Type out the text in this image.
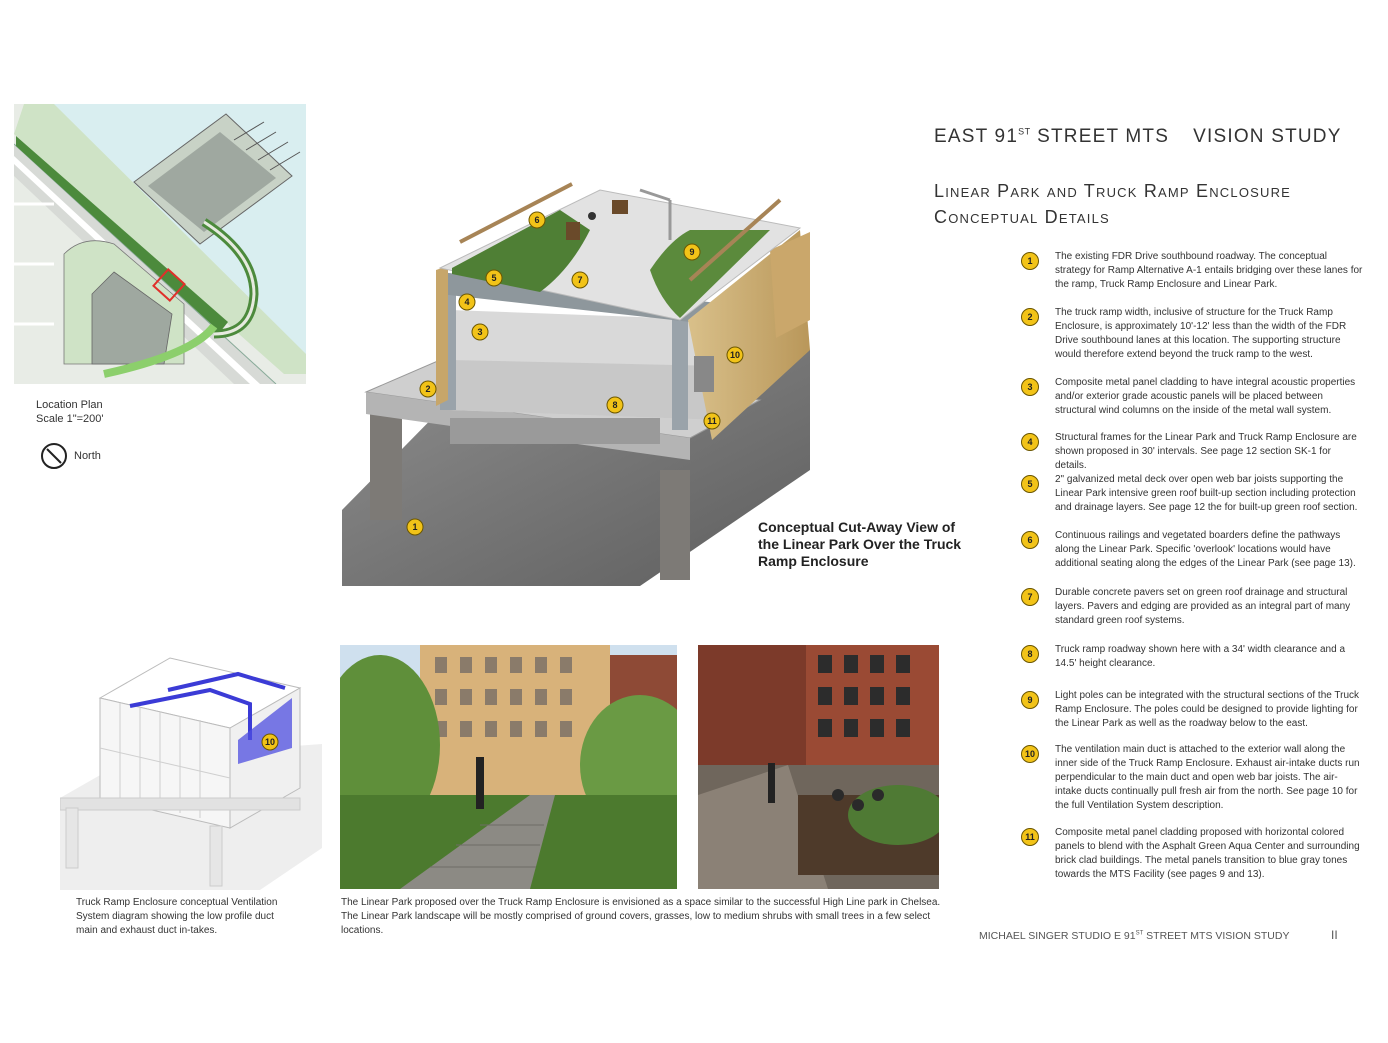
Location Plan
Scale 1"=200'
North
EAST 91ST STREET MTS VISION STUDY
Linear Park and Truck Ramp Enclosure
Conceptual Details
1
2
3
4
5
6
7
8
9
10
11
Conceptual Cut-Away View of the Linear Park Over the Truck Ramp Enclosure
1	The existing FDR Drive southbound roadway. The conceptual strategy for Ramp Alternative A-1 entails bridging over these lanes for the ramp, Truck Ramp Enclosure and Linear Park.
2	The truck ramp width, inclusive of structure for the Truck Ramp Enclosure, is approximately 10'-12' less than the width of the FDR Drive southbound lanes at this location. The supporting structure would therefore extend beyond the truck ramp to the west.
3	Composite metal panel cladding to have integral acoustic properties and/or exterior grade acoustic panels will be placed between structural wind columns on the inside of the metal wall system.
4	Structural frames for the Linear Park and Truck Ramp Enclosure are shown proposed in 30' intervals. See page 12 section SK-1 for details.
5	2" galvanized metal deck over open web bar joists supporting the Linear Park intensive green roof built-up section including protection and drainage layers. See page 12 the for built-up green roof section.
6	Continuous railings and vegetated boarders define the pathways along the Linear Park. Specific 'overlook' locations would have additional seating along the edges of the Linear Park (see page 13).
7	Durable concrete pavers set on green roof drainage and structural layers. Pavers and edging are provided as an integral part of many standard green roof systems.
8	Truck ramp roadway shown here with a 34' width clearance and a 14.5' height clearance.
9	Light poles can be integrated with the structural sections of the Truck Ramp Enclosure. The poles could be designed to provide lighting for the Linear Park as well as the roadway below to the east.
10	The ventilation main duct is attached to the exterior wall along the inner side of the Truck Ramp Enclosure. Exhaust air-intake ducts run perpendicular to the main duct and open web bar joists. The air-intake ducts continually pull fresh air from the north. See page 10 for the full Ventilation System description.
11	Composite metal panel cladding proposed with horizontal colored panels to blend with the Asphalt Green Aqua Center and surrounding brick clad buildings. The metal panels transition to blue gray tones towards the MTS Facility (see pages 9 and 13).
10
Truck Ramp Enclosure conceptual Ventilation System diagram showing the low profile duct main and exhaust duct in-takes.
The Linear Park proposed over the Truck Ramp Enclosure is envisioned as a space similar to the successful High Line park in Chelsea. The Linear Park landscape will be mostly comprised of ground covers, grasses, low to medium shrubs with small trees in a few select locations.	MICHAEL SINGER STUDIO E 91ST STREET MTS VISION STUDY	II
